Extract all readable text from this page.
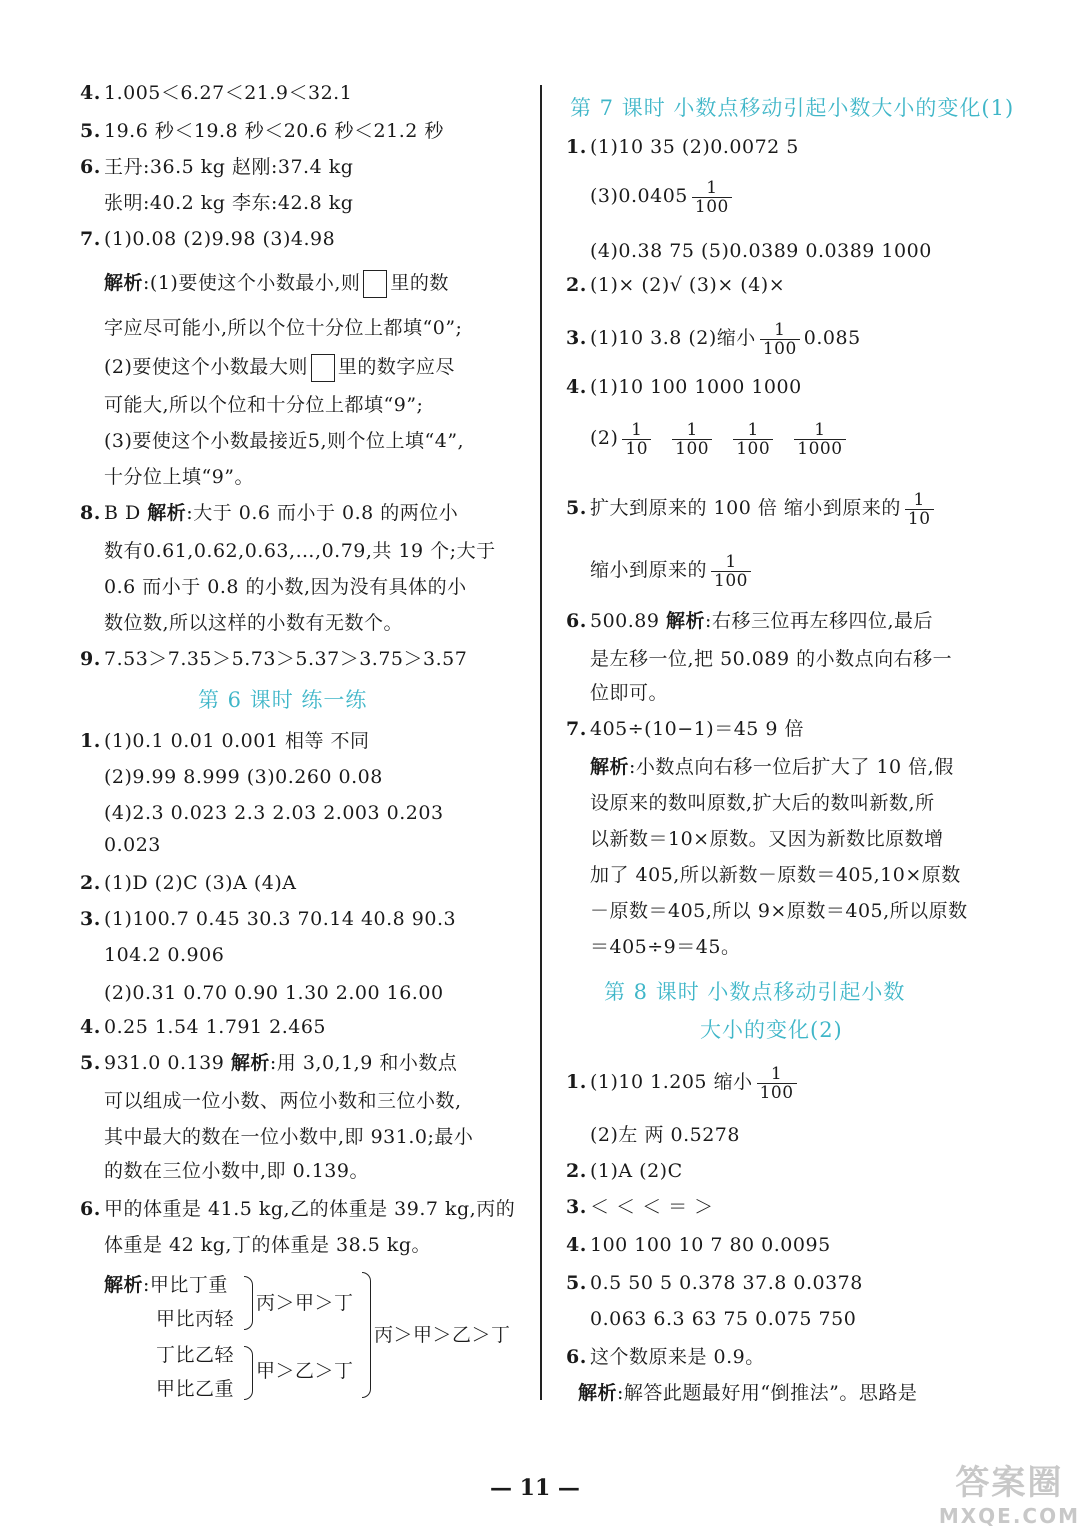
4. 1.005＜6.27＜21.9＜32.1
5. 19.6 秒＜19.8 秒＜20.6 秒＜21.2 秒
6. 王丹:36.5 kg 赵刚:37.4 kg
张明:40.2 kg 李东:42.8 kg
7. (1)0.08 (2)9.98 (3)4.98
解析:(1)要使这个小数最小,则 里的数
字应尽可能小,所以个位十分位上都填“0”;
(2)要使这个小数最大则 里的数字应尽
可能大,所以个位和十分位上都填“9”;
(3)要使这个小数最接近5,则个位上填“4”,
十分位上填“9”。
8. B D 解析:大于 0.6 而小于 0.8 的两位小
数有0.61,0.62,0.63,…,0.79,共 19 个;大于
0.6 而小于 0.8 的小数,因为没有具体的小
数位数,所以这样的小数有无数个。
9. 7.53＞7.35＞5.73＞5.37＞3.75＞3.57
第 6 课时 练一练
1. (1)0.1 0.01 0.001 相等 不同
(2)9.99 8.999 (3)0.260 0.08
(4)2.3 0.023 2.3 2.03 2.003 0.203
0.023
2. (1)D (2)C (3)A (4)A
3. (1)100.7 0.45 30.3 70.14 40.8 90.3
104.2 0.906
(2)0.31 0.70 0.90 1.30 2.00 16.00
4. 0.25 1.54 1.791 2.465
5. 931.0 0.139 解析:用 3,0,1,9 和小数点
可以组成一位小数、两位小数和三位小数,
其中最大的数在一位小数中,即 931.0;最小
的数在三位小数中,即 0.139。
6. 甲的体重是 41.5 kg,乙的体重是 39.7 kg,丙的
体重是 42 kg,丁的体重是 38.5 kg。
解析:甲比丁重
甲比丙轻
丁比乙轻
甲比乙重
丙＞甲＞丁
甲＞乙＞丁
丙＞甲＞乙＞丁
第 7 课时 小数点移动引起小数大小的变化(1)
1. (1)10 35 (2)0.0072 5
$(3)0.0405 \frac{1}{100}$
(4)0.38 75 (5)0.0389 0.0389 1000
2. (1)× (2)√ (3)× (4)×
3. (1)10 3.8 (2)缩小 $\frac{1}{100} 0.085$
4. (1)10 100 1000 1000
$(2) \frac{1}{10}$
$\frac{1}{100}$
$\frac{1}{100}$
$\frac{1}{1000}$
5. 扩大到原来的 100 倍 缩小到原来的 $\frac{1}{10}$
缩小到原来的 $\frac{1}{100}$
6. 500.89 解析:右移三位再左移四位,最后
是左移一位,把 50.089 的小数点向右移一
位即可。
7. 405÷(10−1)＝45 9 倍
解析:小数点向右移一位后扩大了 10 倍,假
设原来的数叫原数,扩大后的数叫新数,所
以新数＝10×原数。又因为新数比原数增
加了 405,所以新数－原数＝405,10×原数
－原数＝405,所以 9×原数＝405,所以原数
＝405÷9＝45。
第 8 课时 小数点移动引起小数
大小的变化(2)
1. (1)10 1.205 缩小 $\frac{1}{100}$
(2)左 两 0.5278
2. (1)A (2)C
3. ＜ ＜ ＜ ＝ ＞
4. 100 100 10 7 80 0.0095
5. 0.5 50 5 0.378 37.8 0.0378
0.063 6.3 63 75 0.075 750
6. 这个数原来是 0.9。
解析:解答此题最好用“倒推法”。思路是
— 11 —	答案圈
MXQE.COM
